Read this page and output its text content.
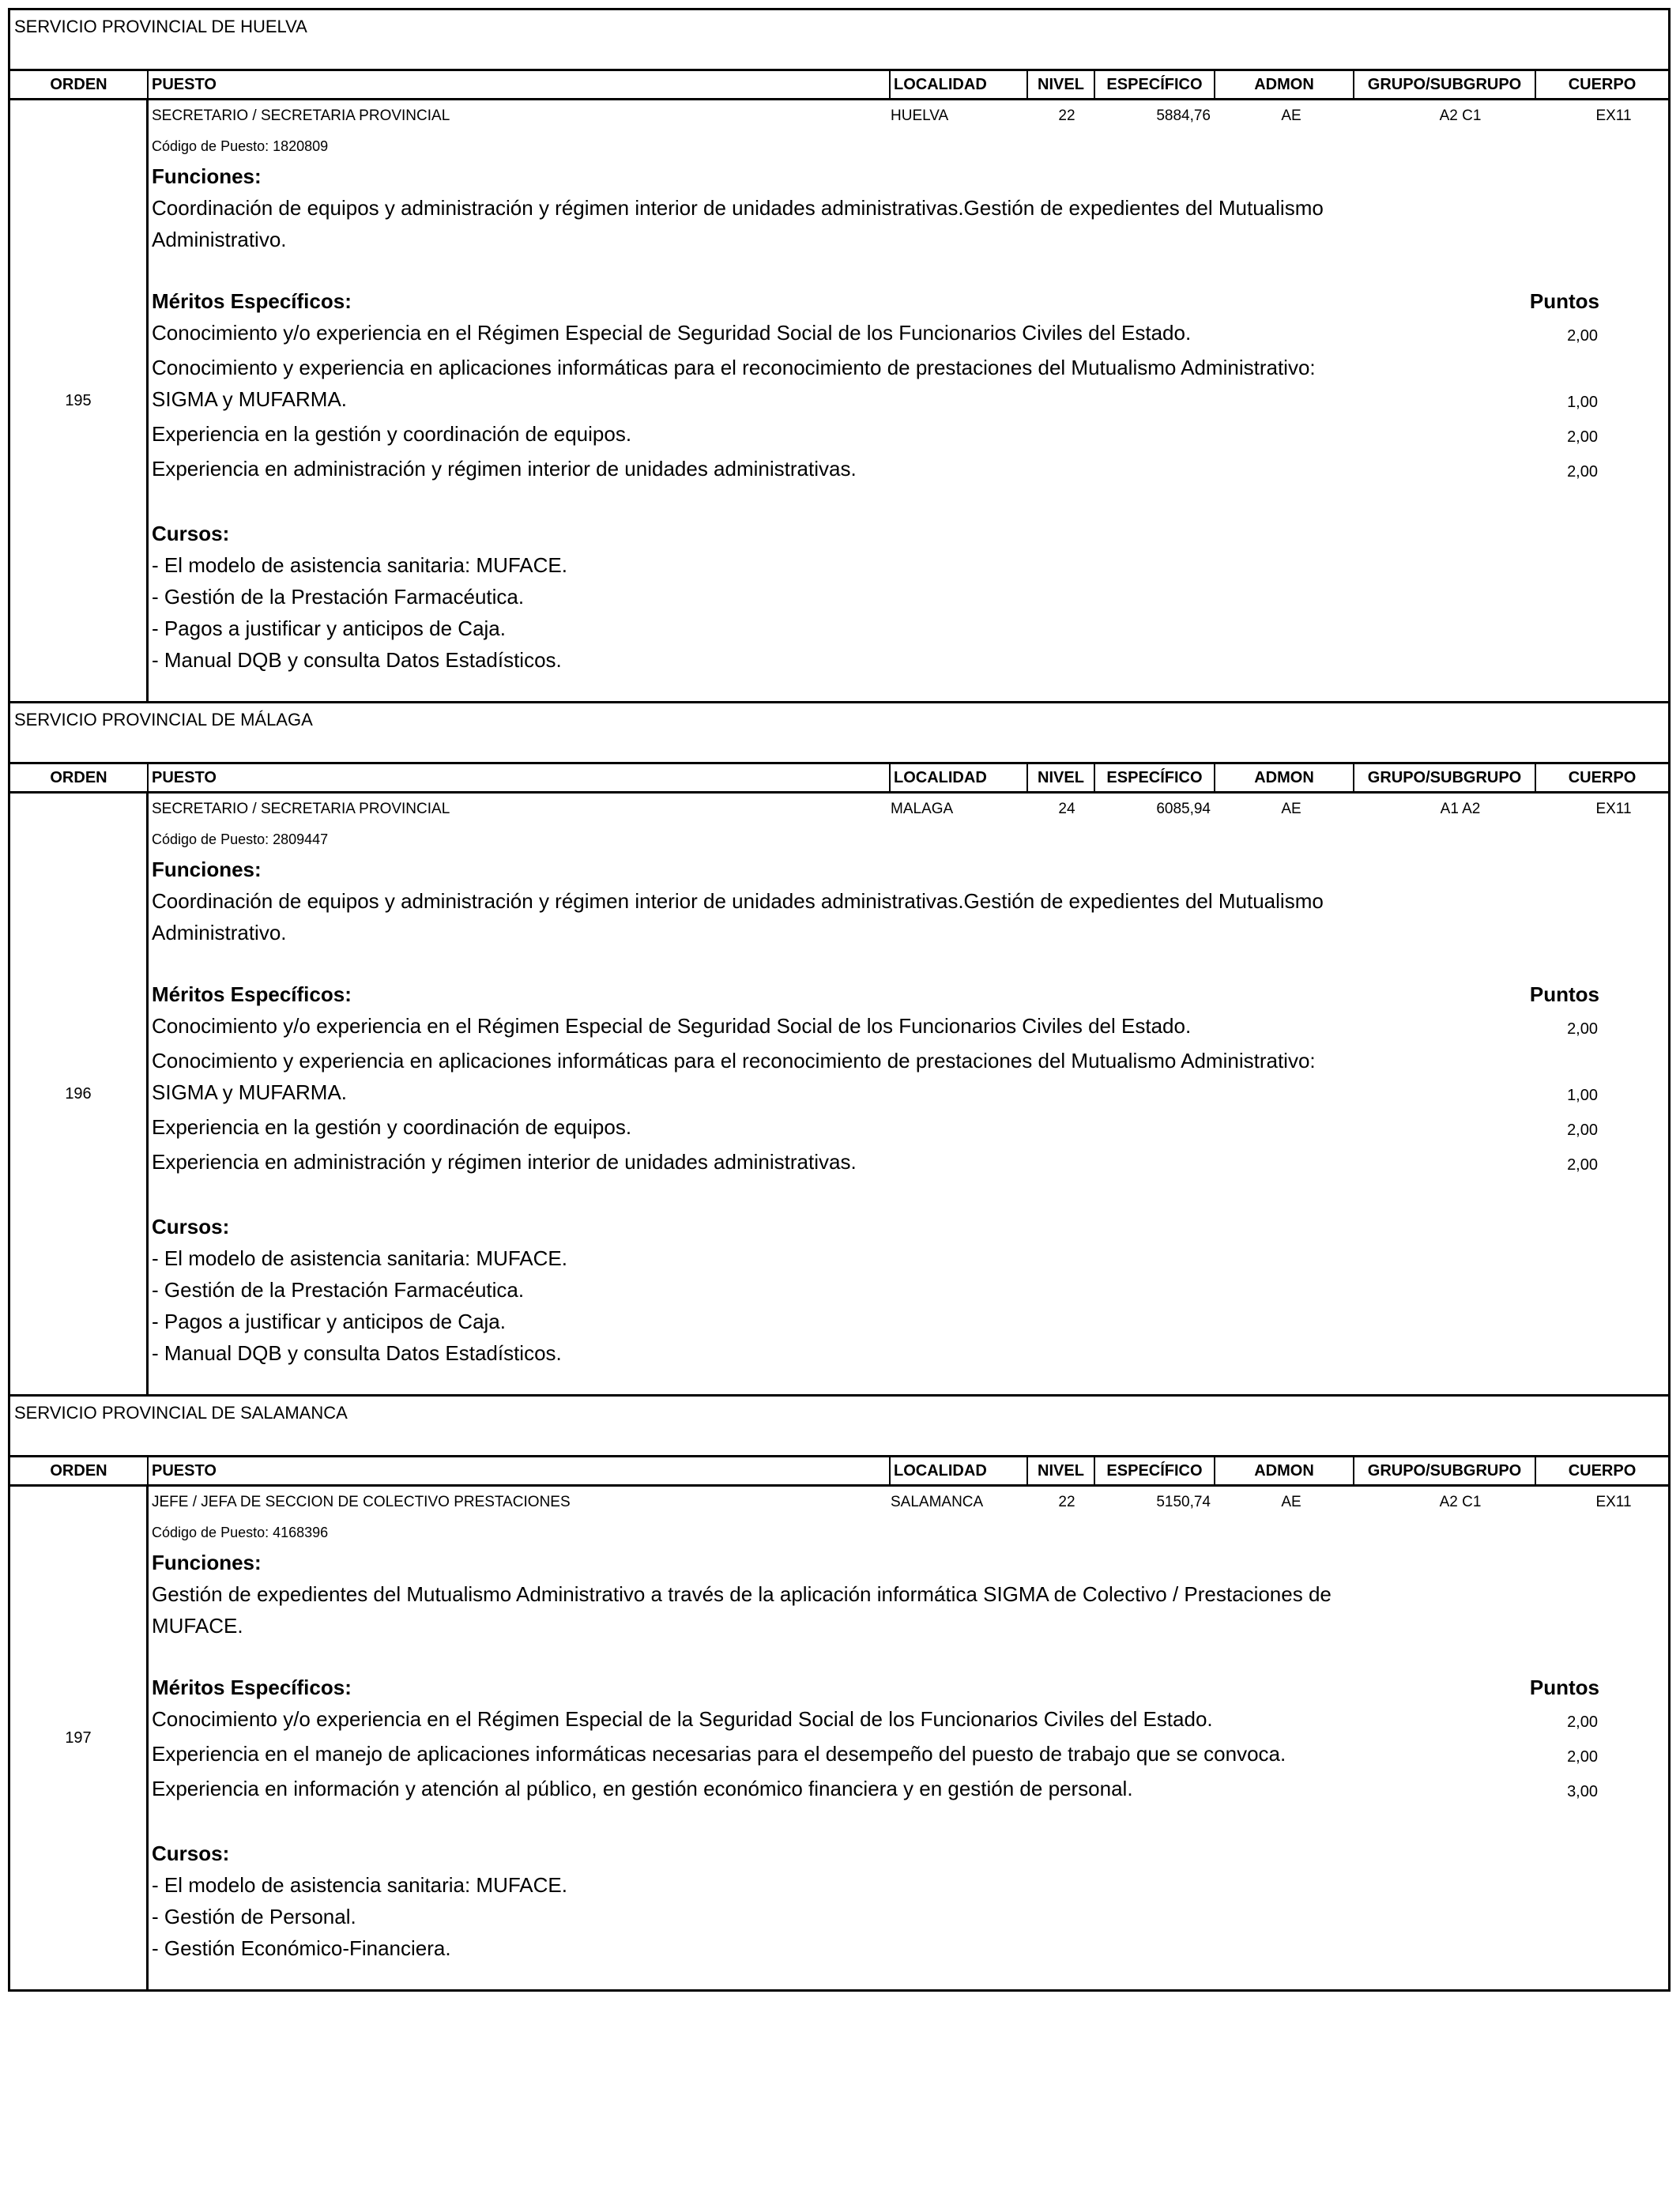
SERVICIO PROVINCIAL DE HUELVA
ORDEN	PUESTO	LOCALIDAD	NIVEL	ESPECÍFICO	ADMON	GRUPO/SUBGRUPO	CUERPO
195
SECRETARIO / SECRETARIA PROVINCIAL	HUELVA	22	5884,76	AE	A2 C1	EX11
Código de Puesto: 1820809
Funciones:
Coordinación de equipos y administración y régimen interior de unidades administrativas.Gestión de expedientes del Mutualismo
Administrativo.
Méritos Específicos:	Puntos
Conocimiento y/o experiencia en el Régimen Especial de Seguridad Social de los Funcionarios Civiles del Estado.	2,00
Conocimiento y experiencia en aplicaciones informáticas para el reconocimiento de prestaciones del Mutualismo Administrativo:
SIGMA y MUFARMA.	1,00
Experiencia en la gestión y coordinación de equipos.	2,00
Experiencia en administración y régimen interior de unidades administrativas.	2,00
Cursos:
- El modelo de asistencia sanitaria: MUFACE.
- Gestión de la Prestación Farmacéutica.
- Pagos a justificar y anticipos de Caja.
- Manual DQB y consulta Datos Estadísticos.
SERVICIO PROVINCIAL DE MÁLAGA
ORDEN	PUESTO	LOCALIDAD	NIVEL	ESPECÍFICO	ADMON	GRUPO/SUBGRUPO	CUERPO
196
SECRETARIO / SECRETARIA PROVINCIAL	MALAGA	24	6085,94	AE	A1 A2	EX11
Código de Puesto: 2809447
Funciones:
Coordinación de equipos y administración y régimen interior de unidades administrativas.Gestión de expedientes del Mutualismo
Administrativo.
Méritos Específicos:	Puntos
Conocimiento y/o experiencia en el Régimen Especial de Seguridad Social de los Funcionarios Civiles del Estado.	2,00
Conocimiento y experiencia en aplicaciones informáticas para el reconocimiento de prestaciones del Mutualismo Administrativo:
SIGMA y MUFARMA.	1,00
Experiencia en la gestión y coordinación de equipos.	2,00
Experiencia en administración y régimen interior de unidades administrativas.	2,00
Cursos:
- El modelo de asistencia sanitaria: MUFACE.
- Gestión de la Prestación Farmacéutica.
- Pagos a justificar y anticipos de Caja.
- Manual DQB y consulta Datos Estadísticos.
SERVICIO PROVINCIAL DE SALAMANCA
ORDEN	PUESTO	LOCALIDAD	NIVEL	ESPECÍFICO	ADMON	GRUPO/SUBGRUPO	CUERPO
197
JEFE / JEFA DE SECCION DE COLECTIVO PRESTACIONES	SALAMANCA	22	5150,74	AE	A2 C1	EX11
Código de Puesto: 4168396
Funciones:
Gestión de expedientes del Mutualismo Administrativo a través de la aplicación informática SIGMA de Colectivo / Prestaciones de
MUFACE.
Méritos Específicos:	Puntos
Conocimiento y/o experiencia en el Régimen Especial de la Seguridad Social de los Funcionarios Civiles del Estado.	2,00
Experiencia en el manejo de aplicaciones informáticas necesarias para el desempeño del puesto de trabajo que se convoca.	2,00
Experiencia en información y atención al público, en gestión económico financiera y en gestión de personal.	3,00
Cursos:
- El modelo de asistencia sanitaria: MUFACE.
- Gestión de Personal.
- Gestión Económico-Financiera.
